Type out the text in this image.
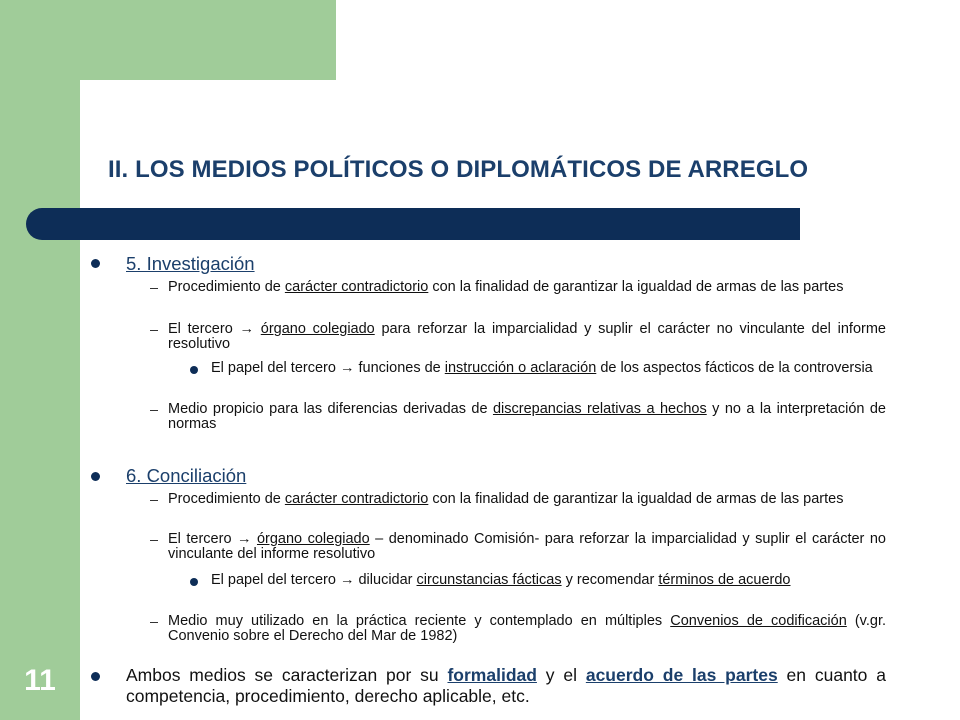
II. LOS MEDIOS POLÍTICOS O DIPLOMÁTICOS DE ARREGLO
11
5. Investigación
Procedimiento de carácter contradictorio con la finalidad de garantizar la igualdad de armas de las partes
El tercero → órgano colegiado para reforzar la imparcialidad y suplir el carácter no vinculante del informe resolutivo
El papel del tercero → funciones de instrucción o aclaración de los aspectos fácticos de la controversia
Medio propicio para las diferencias derivadas de discrepancias relativas a hechos y no a la interpretación de normas
6. Conciliación
Procedimiento de carácter contradictorio con la finalidad de garantizar la igualdad de armas de las partes
El tercero → órgano colegiado – denominado Comisión- para reforzar la imparcialidad y suplir el carácter no vinculante del informe resolutivo
El papel del tercero → dilucidar circunstancias fácticas y recomendar términos de acuerdo
Medio muy utilizado en la práctica reciente y contemplado en múltiples Convenios de codificación (v.gr. Convenio sobre el Derecho del Mar de 1982)
Ambos medios se caracterizan por su formalidad y el acuerdo de las partes en cuanto a competencia, procedimiento, derecho aplicable, etc.
